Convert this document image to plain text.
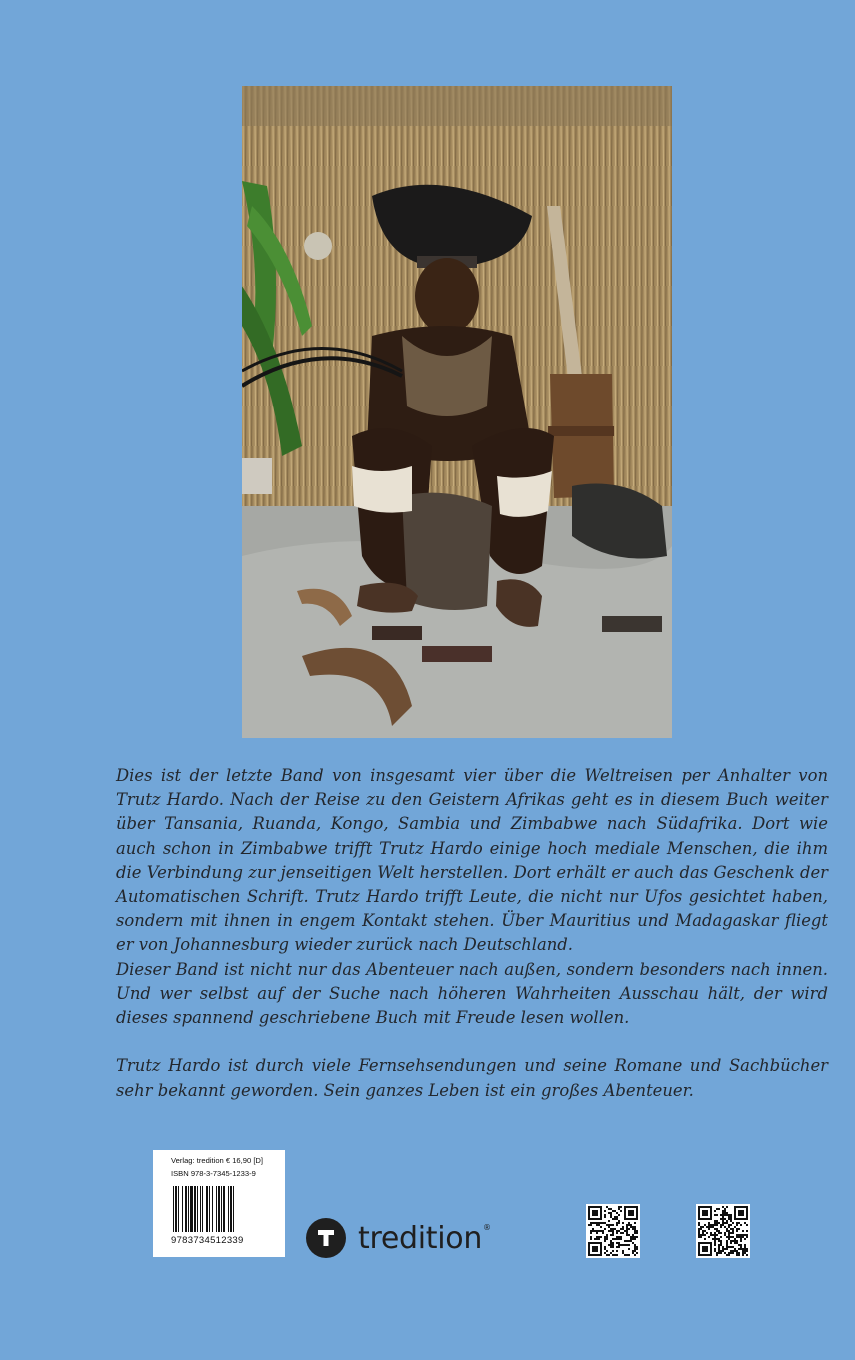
Dies ist der letzte Band von insgesamt vier über die Weltreisen per Anhalter von Trutz Hardo. Nach der Reise zu den Geistern Afrikas geht es in diesem Buch weiter über Tansania, Ruanda, Kongo, Sambia und Zimbabwe nach Südafrika. Dort wie auch schon in Zimbabwe trifft Trutz Hardo einige hoch mediale Menschen, die ihm die Verbindung zur jenseitigen Welt herstellen. Dort erhält er auch das Geschenk der Automatischen Schrift. Trutz Hardo trifft Leute, die nicht nur Ufos gesichtet haben, sondern mit ihnen in engem Kontakt stehen. Über Mauritius und Madagaskar fliegt er von Johannesburg wieder zurück nach Deutschland.

Dieser Band ist nicht nur das Abenteuer nach außen, sondern besonders nach innen. Und wer selbst auf der Suche nach höheren Wahrheiten Ausschau hält, der wird dieses spannend geschriebene Buch mit Freude lesen wollen.

Trutz Hardo ist durch viele Fernsehsendungen und seine Romane und Sachbücher sehr bekannt geworden. Sein ganzes Leben ist ein großes Abenteuer.

Verlag: tredition € 16,90 [D]
ISBN 978-3-7345-1233-9
9783734512339	tredition®
